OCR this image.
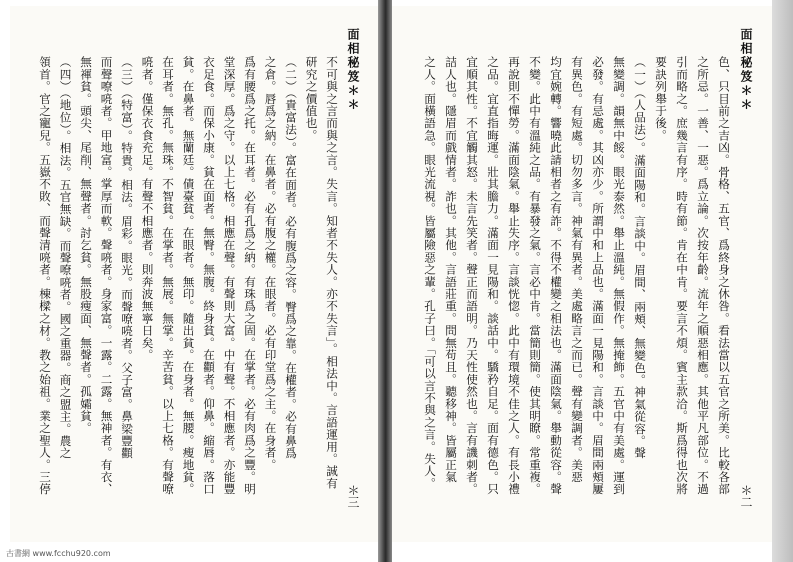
面相秘笈＊＊
＊三
不可與之言而與之言。失言。知者不失人。亦不失言」。相法中。言語運用。誠有
研究之價值也。
（二）（貴富法）。富在面者。必有腹爲之容。臀爲之靠。在權者。必有鼻爲
之倉。唇爲之納。在鼻者。必有腹之權。在眼者。必有印堂爲之主。在身者。
爲有腰爲之托。在耳者。必有孔爲之納。有珠爲之固。在掌者。必有肉爲之豐。明
堂深厚。爲之守。以上七格。相應在聲。有聲則大富。中有聲。不相應者。亦能豐
衣足食。而保小康。貧在面者。無臀。無腹。終身貧。在顴者。仰鼻。縮唇。落口
貧。在鼻者。無蘭廷。債臺貧。在眼者。無印。隨出貧。在身者。無腰。瘦地貧。
在耳者。無孔。無珠。不智貧。在掌者。無展。無掌。辛苦貧。以上七格。有聲嘹
喨者。僅保衣食充足。有聲不相應者。則奔波無寧日矣。
（三）（特富）。特貴。相法。眉彩。眼光。而聲嘹喨者。父子富。鼻梁豐顴
而聲嘹喨者。甲地富。掌厚而軟。聲喨者。身家富。一露。二露。無神者。有衣、
無褌貧。頭尖、尾削、無聲者。討乞貧。無股瘦面、無聲者。孤孀貧。
（四）（地位）。相法。五官無缺。而聲嘹喨者。國之重器。商之盟主。農之
領首。官之寵兒。五嶽不敗、而聲清喨者。棟樑之材。教之始祖。業之聖人。三停	面相秘笈＊＊
＊二
色、只目前之吉凶。骨格、五官、爲終身之休咎。看法當以五官之所美。比較各部
之所忌。一善、一惡。爲立論。次按年齡。流年之順惡相應。其他平凡部位。不過
引而略之。庶幾言有序。時有節。肯在中肯。要言不煩。賓主款洽。斯爲得也次將
要訣列舉于後。
（一）（人品法）。滿面陽和。言談中。眉間、兩頰、無變色。神氣從容。聲
無變調。韻無中餒。眼光泰然。舉止溫純。無假作。無掩飾。五官中有美處。運到
必發。有忌處。其凶亦少。所謂中和上品也。滿面一見陽和。言談中。眉間兩頰屢
有異色。有短處。切勿多言。神氣有異者。美處略言之而已。聲有變調者。美惡
均宜婉轉。響曉此請相者之有詐。不得不權變之相法也。滿面陰氣。舉動從容。聲
不變。此中有溫純之品。有暴發之氣。言必中肯。當簡則簡。使其明瞭。常重複。
再說則不憚勞。滿面陰氣。舉止失序。言談恍惚。此中有環境不佳之人。有長小禮
之品。宜直指晦運。壯其膽力。滿面一見陽和。談話中。驕矜自足。面有德色。只
宜順其性。不宜觸其怒。未言先笑者。聲正而語明。乃天性使然也。言有譏刺者。
詰人也。隱眉而戲情者。詐也。其他。言語莊重。問無苟且。聽移神。皆屬正氣
之人。面橫語急。眼光流視。皆屬險惡之輩。孔子曰。「可以言不與之言。失人。
古書網 www.fcchu920.com
